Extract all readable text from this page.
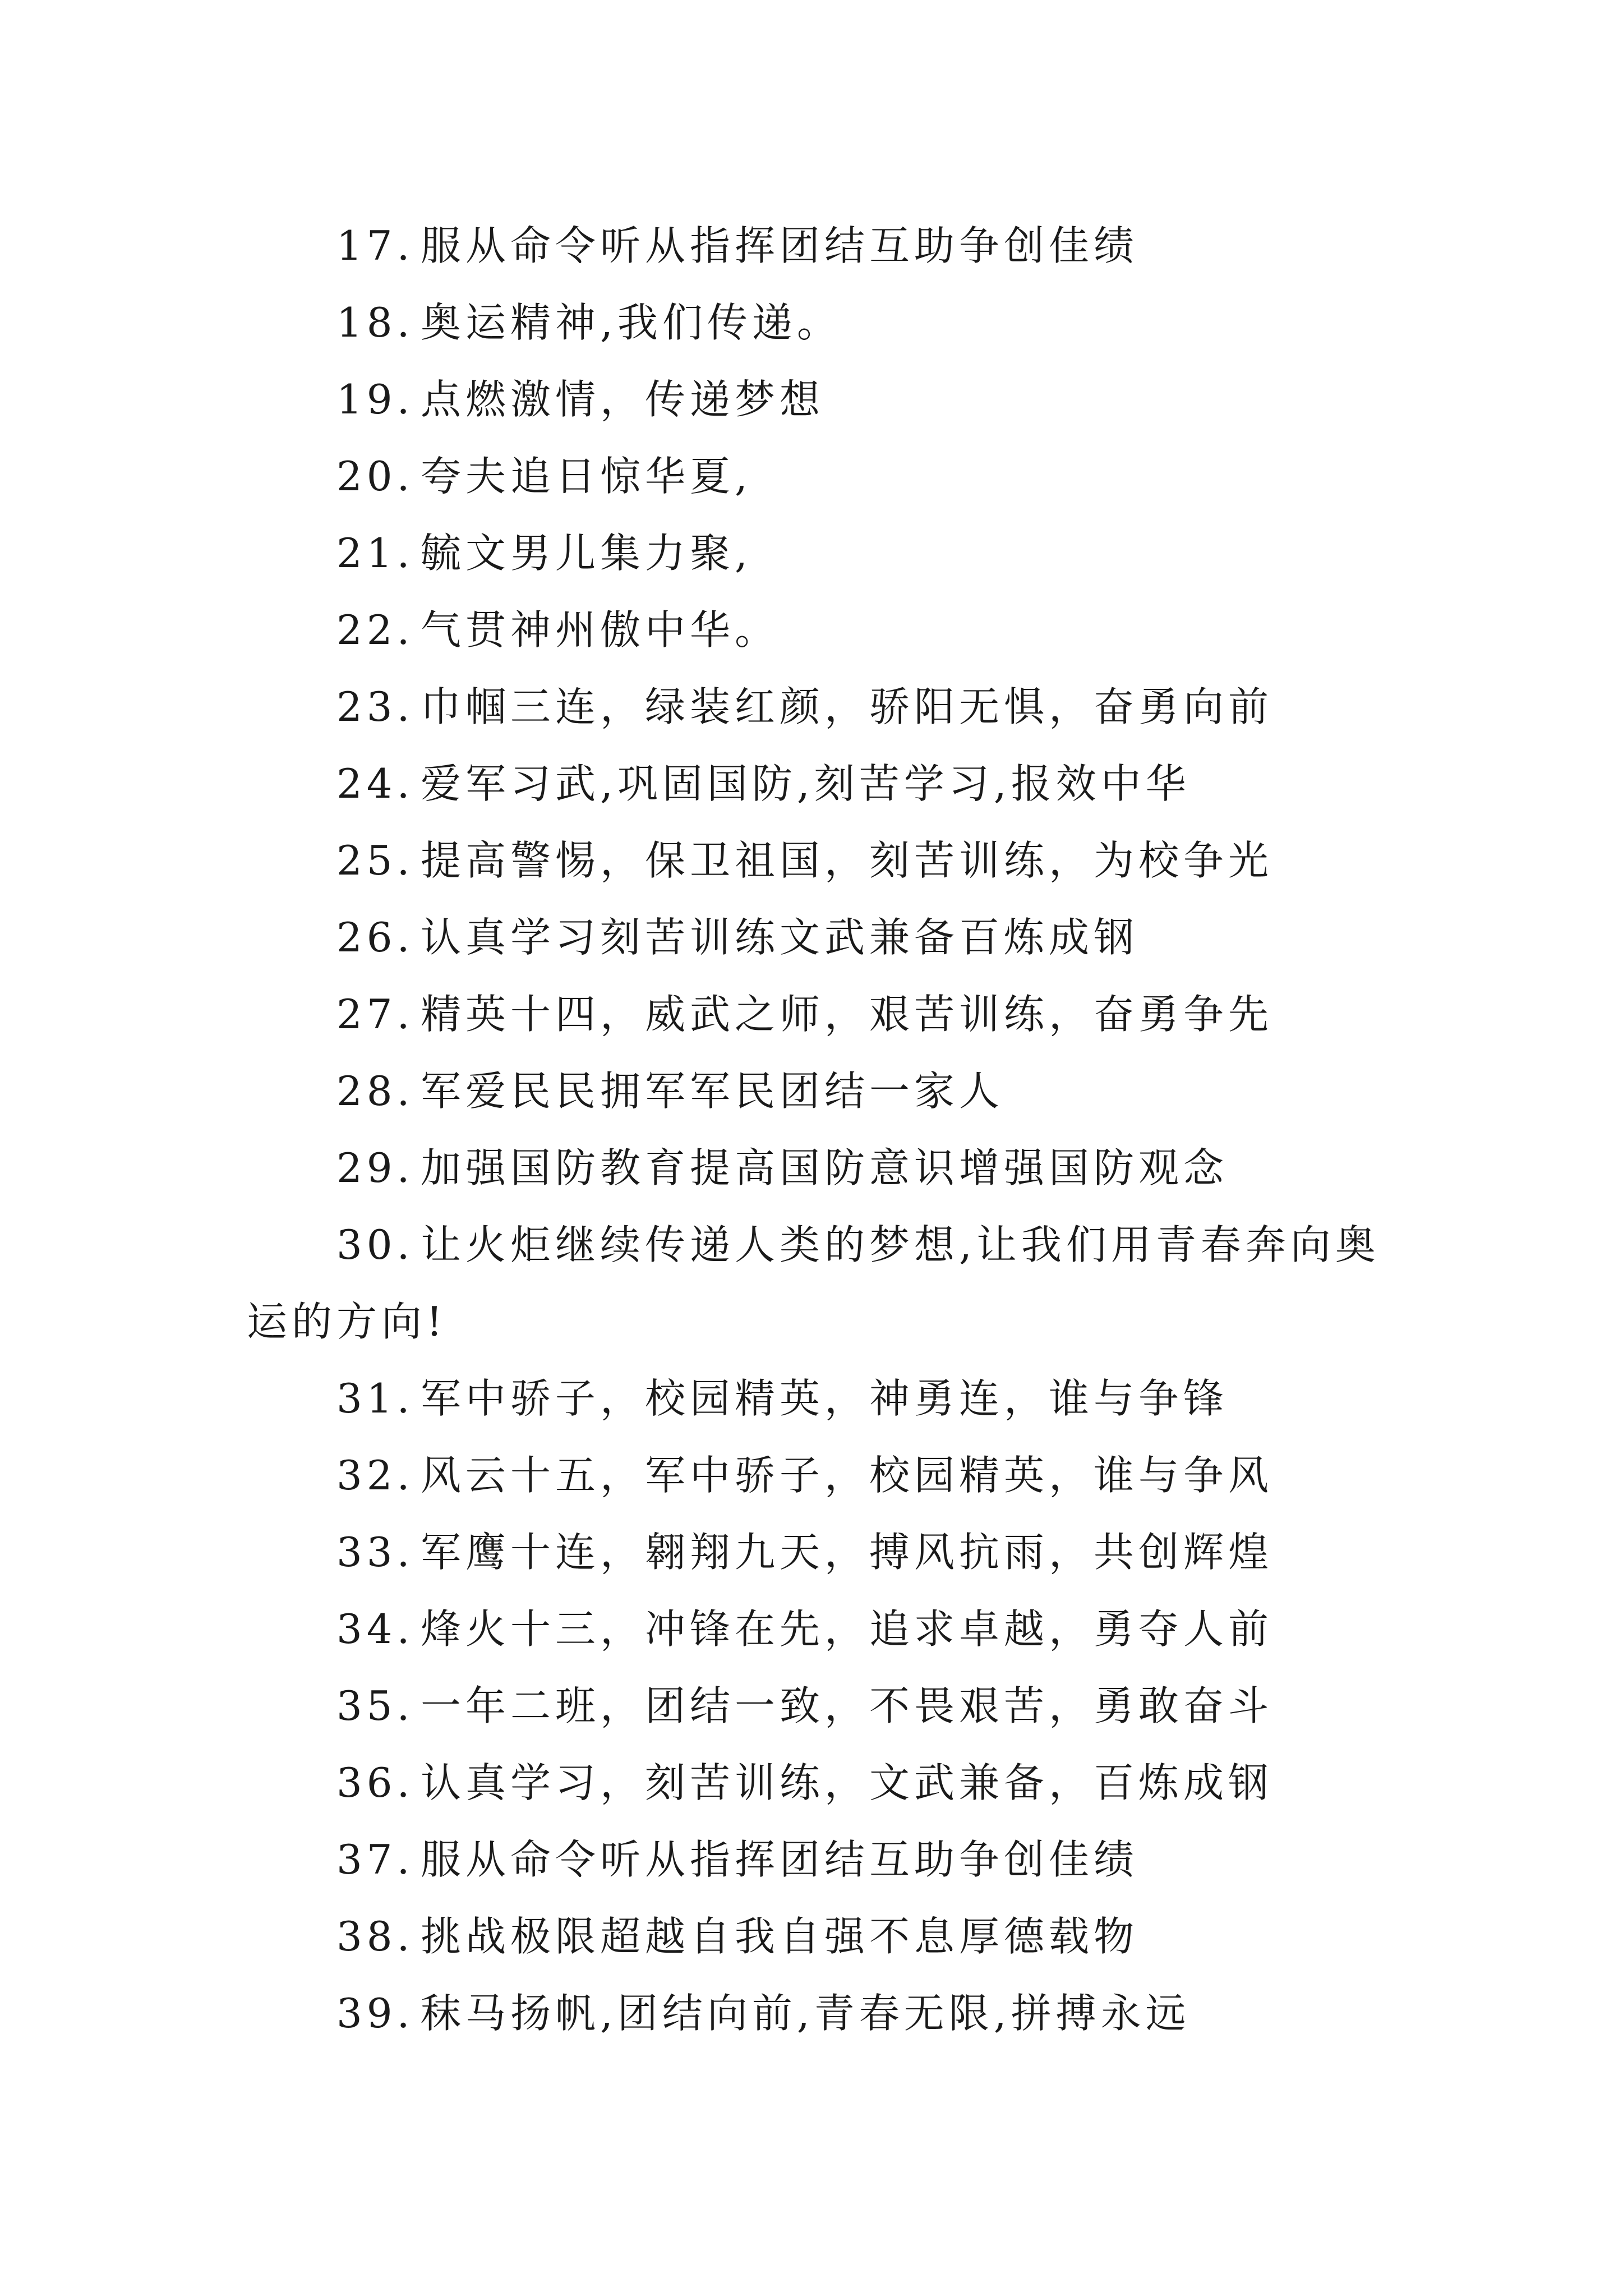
17. 服从命令听从指挥团结互助争创佳绩
18. 奥运精神,我们传递。
19. 点燃激情，传递梦想
20. 夸夫追日惊华夏,
21. 毓文男儿集力聚,
22. 气贯神州傲中华。
23. 巾帼三连，绿装红颜，骄阳无惧，奋勇向前
24. 爱军习武,巩固国防,刻苦学习,报效中华
25. 提高警惕，保卫祖国，刻苦训练，为校争光
26. 认真学习刻苦训练文武兼备百炼成钢
27. 精英十四，威武之师，艰苦训练，奋勇争先
28. 军爱民民拥军军民团结一家人
29. 加强国防教育提高国防意识增强国防观念
30. 让火炬继续传递人类的梦想,让我们用青春奔向奥运的方向!
31. 军中骄子，校园精英，神勇连，谁与争锋
32. 风云十五，军中骄子，校园精英，谁与争风
33. 军鹰十连，翱翔九天，搏风抗雨，共创辉煌
34. 烽火十三，冲锋在先，追求卓越，勇夺人前
35. 一年二班，团结一致，不畏艰苦，勇敢奋斗
36. 认真学习，刻苦训练，文武兼备，百炼成钢
37. 服从命令听从指挥团结互助争创佳绩
38. 挑战极限超越自我自强不息厚德载物
39. 秣马扬帆,团结向前,青春无限,拼搏永远
